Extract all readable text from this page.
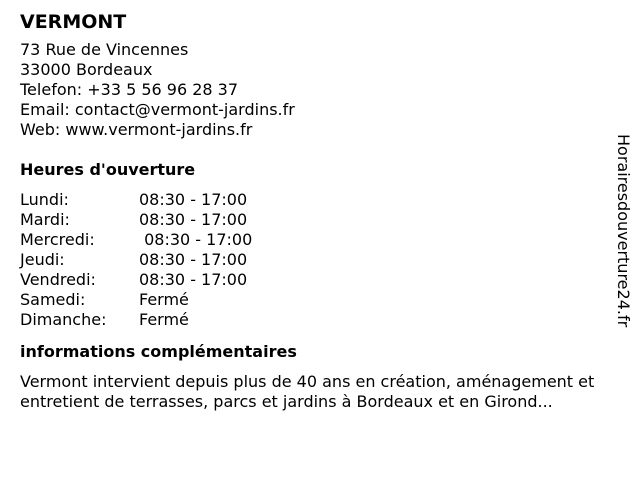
VERMONT
73 Rue de Vincennes
33000 Bordeaux
Telefon: +33 5 56 96 28 37
Email: contact@vermont-jardins.fr
Web: www.vermont-jardins.fr
Heures d'ouverture
Lundi:	08:30 - 17:00
Mardi:	08:30 - 17:00
Mercredi:	08:30 - 17:00
Jeudi:	08:30 - 17:00
Vendredi:	08:30 - 17:00
Samedi:	Fermé
Dimanche:	Fermé
informations complémentaires
Vermont intervient depuis plus de 40 ans en création, aménagement et entretient de terrasses, parcs et jardins à Bordeaux et en Girond...
Horairesdouverture24.fr
